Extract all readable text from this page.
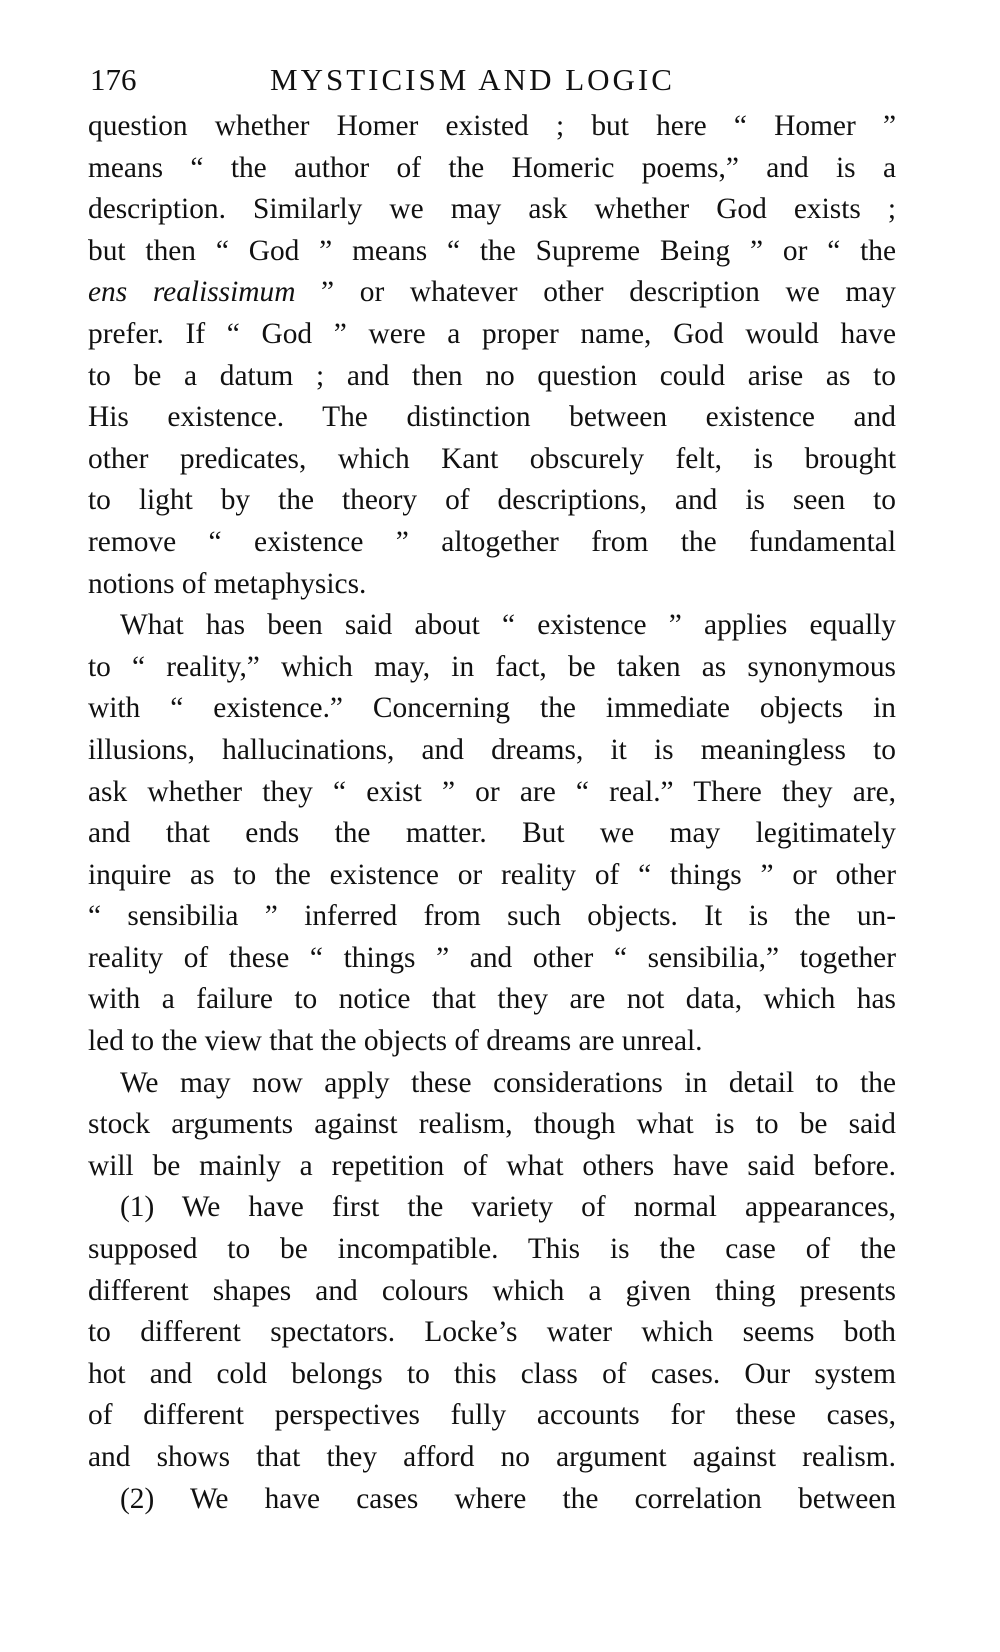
176	MYSTICISM AND LOGIC
question whether Homer existed ; but here “ Homer ”
means “ the author of the Homeric poems,” and is a
description. Similarly we may ask whether God exists ;
but then “ God ” means “ the Supreme Being ” or “ the
ens realissimum ” or whatever other description we may
prefer. If “ God ” were a proper name, God would have
to be a datum ; and then no question could arise as to
His existence. The distinction between existence and
other predicates, which Kant obscurely felt, is brought
to light by the theory of descriptions, and is seen to
remove “ existence ” altogether from the fundamental
notions of metaphysics.
What has been said about “ existence ” applies equally
to “ reality,” which may, in fact, be taken as synonymous
with “ existence.” Concerning the immediate objects in
illusions, hallucinations, and dreams, it is meaningless to
ask whether they “ exist ” or are “ real.” There they are,
and that ends the matter. But we may legitimately
inquire as to the existence or reality of “ things ” or other
“ sensibilia ” inferred from such objects. It is the un-
reality of these “ things ” and other “ sensibilia,” together
with a failure to notice that they are not data, which has
led to the view that the objects of dreams are unreal.
We may now apply these considerations in detail to the
stock arguments against realism, though what is to be said
will be mainly a repetition of what others have said before.
(1) We have first the variety of normal appearances,
supposed to be incompatible. This is the case of the
different shapes and colours which a given thing presents
to different spectators. Locke’s water which seems both
hot and cold belongs to this class of cases. Our system
of different perspectives fully accounts for these cases,
and shows that they afford no argument against realism.
(2) We have cases where the correlation between
